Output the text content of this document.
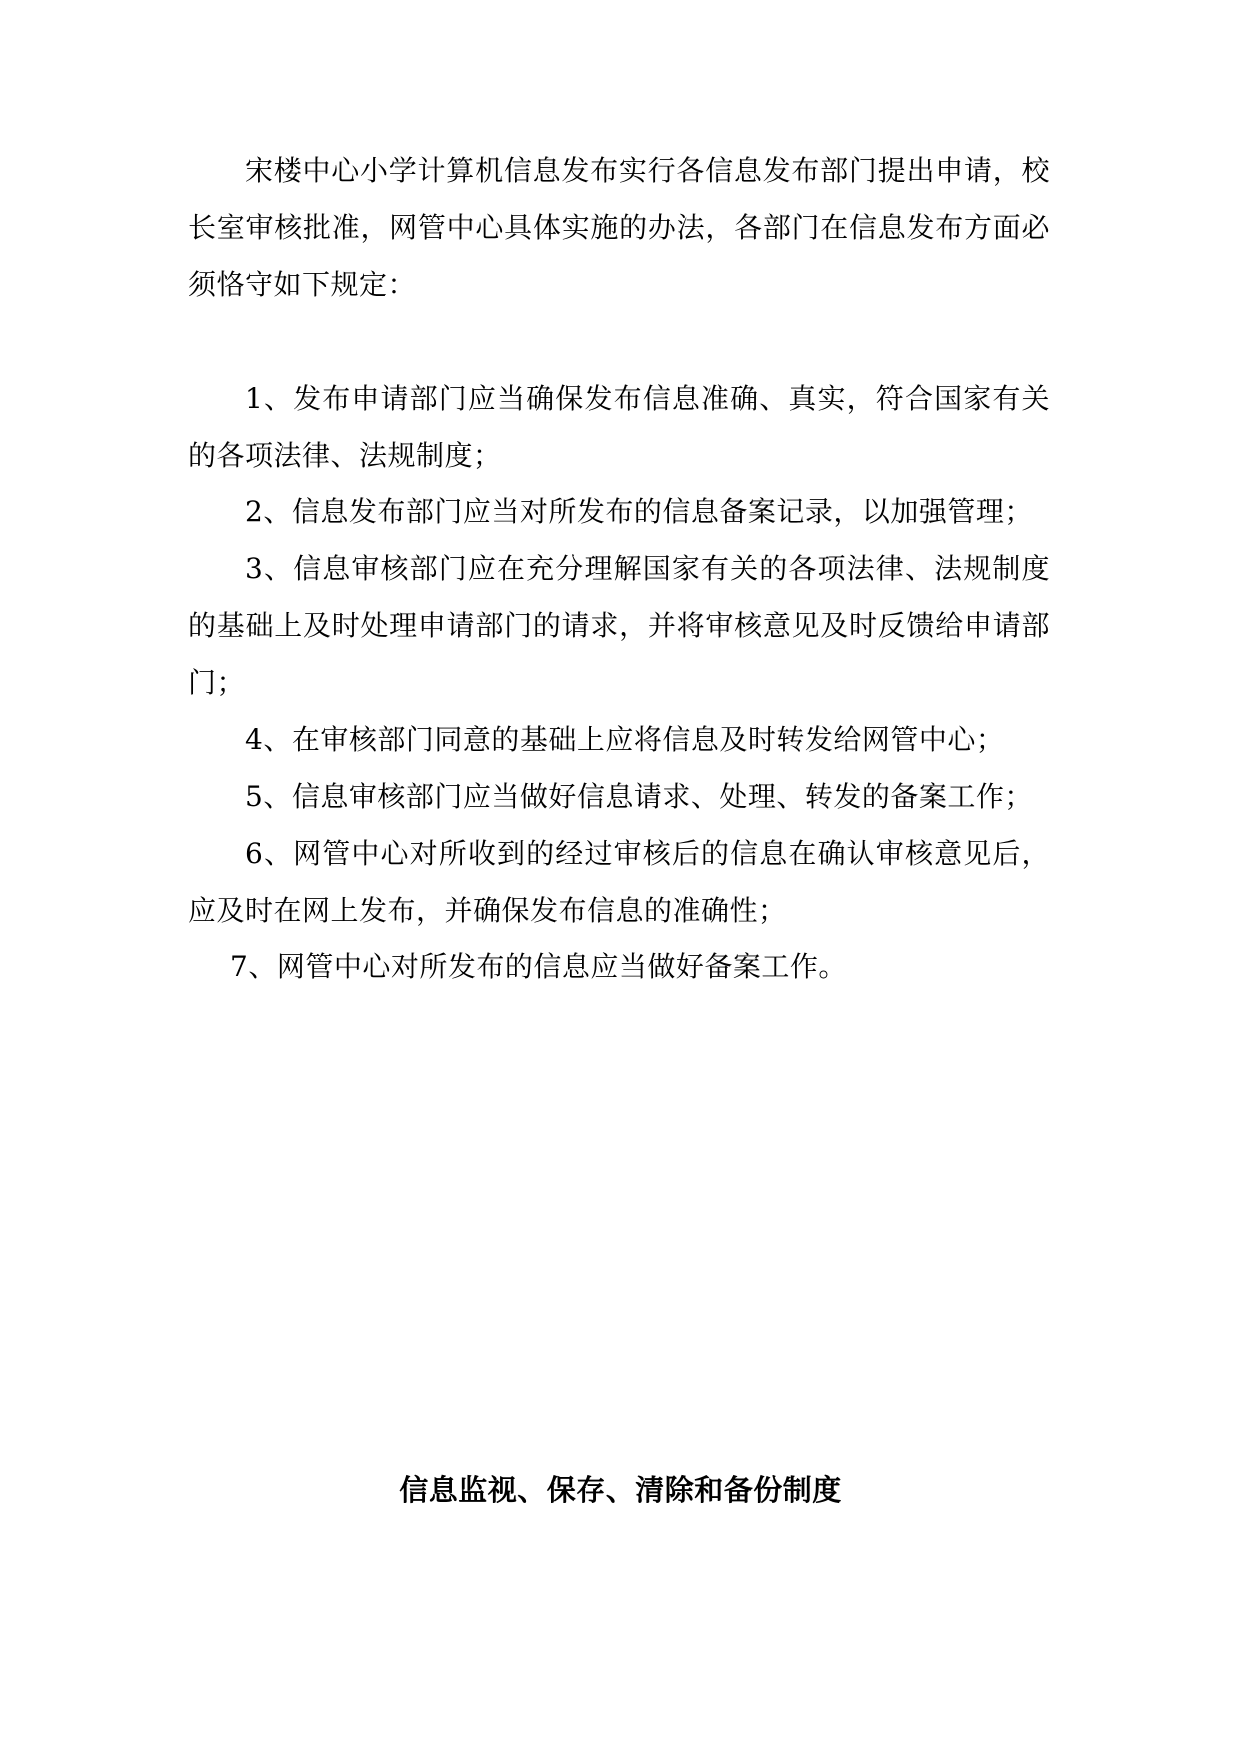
宋楼中心小学计算机信息发布实行各信息发布部门提出申请，校长室审核批准，网管中心具体实施的办法，各部门在信息发布方面必须恪守如下规定：

1、发布申请部门应当确保发布信息准确、真实，符合国家有关的各项法律、法规制度；

2、信息发布部门应当对所发布的信息备案记录，以加强管理；

3、信息审核部门应在充分理解国家有关的各项法律、法规制度的基础上及时处理申请部门的请求，并将审核意见及时反馈给申请部门；

4、在审核部门同意的基础上应将信息及时转发给网管中心；

5、信息审核部门应当做好信息请求、处理、转发的备案工作；

6、网管中心对所收到的经过审核后的信息在确认审核意见后，应及时在网上发布，并确保发布信息的准确性；

7、网管中心对所发布的信息应当做好备案工作。

信息监视、保存、清除和备份制度
